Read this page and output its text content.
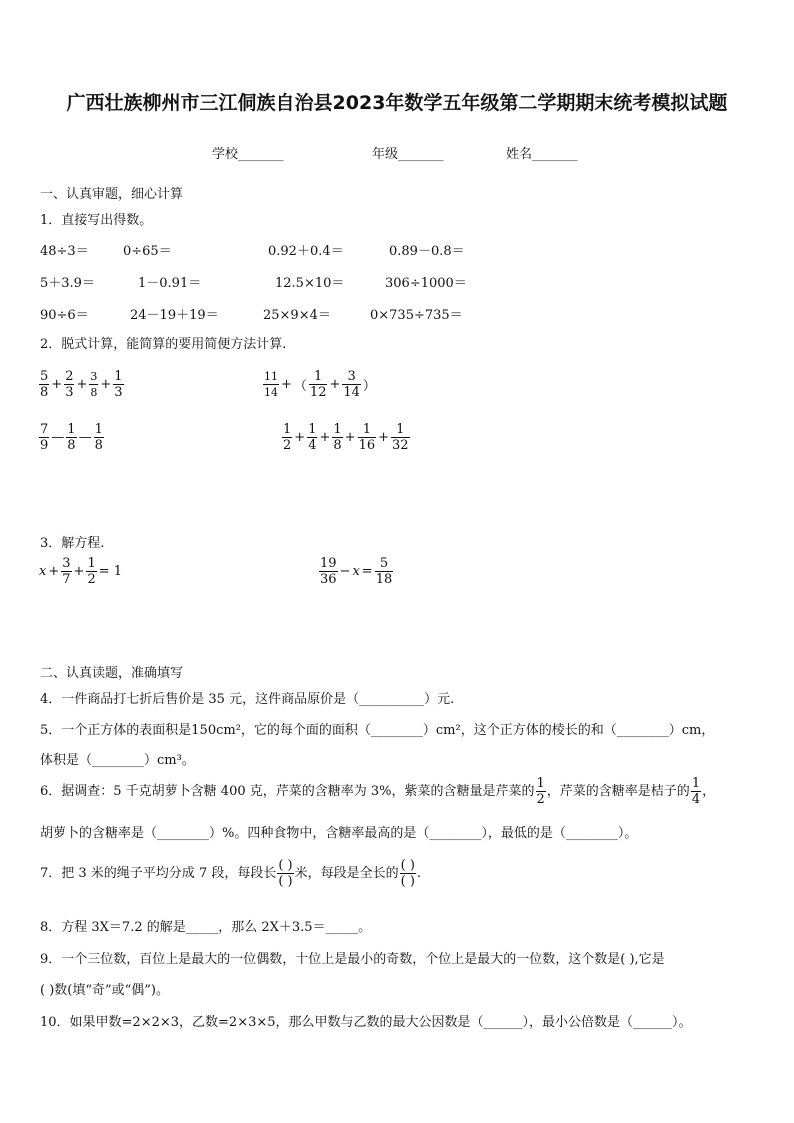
广西壮族柳州市三江侗族自治县2023年数学五年级第二学期期末统考模拟试题
学校_______	年级_______	姓名_______
一、认真审题，细心计算
1．直接写出得数。
48÷3＝	0÷65＝	0.92＋0.4＝	0.89－0.8＝
5＋3.9＝	1－0.91＝	12.5×10＝	306÷1000＝
90÷6＝	24－19＋19＝	25×9×4＝	0×735÷735＝
2．脱式计算，能简算的要用简便方法计算.
$\frac{5}{8} + \frac{2}{3} + \frac{3}{8} + \frac{1}{3}$	$\frac{11}{14}$ + （ $\frac{1}{12} + \frac{3}{14}$ ）
$\frac{7}{9}$ — $\frac{1}{8}$ — $\frac{1}{8}$	$\frac{1}{2} + \frac{1}{4} + \frac{1}{8} + \frac{1}{16} + \frac{1}{32}$
3．解方程.
$x + \frac{3}{7} + \frac{1}{2} = 1$	$\frac{19}{36} - x = \frac{5}{18}$
二、认真读题，准确填写
4．一件商品打七折后售价是 35 元，这件商品原价是（__________）元.
5．一个正方体的表面积是150cm²，它的每个面的面积（________）cm²，这个正方体的棱长的和（________）cm，
体积是（________）cm³。
6．据调查：5 千克胡萝卜含糖 400 克，芹菜的含糖率为 3%，紫菜的含糖量是芹菜的 $\frac{1}{2}$ ，芹菜的含糖率是桔子的 $\frac{1}{4}$ ，
胡萝卜的含糖率是（________）%。四种食物中，含糖率最高的是（________），最低的是（________）。
7．把 3 米的绳子平均分成 7 段，每段长 $\frac{( )}{( )}$ 米，每段是全长的 $\frac{( )}{( )}$ .
8．方程 3X＝7.2 的解是_____，那么 2X＋3.5＝_____。
9．一个三位数，百位上是最大的一位偶数，十位上是最小的奇数，个位上是最大的一位数，这个数是( ),它是
( )数(填“奇”或“偶”)。
10．如果甲数=2×2×3，乙数=2×3×5，那么甲数与乙数的最大公因数是（______），最小公倍数是（______）。
